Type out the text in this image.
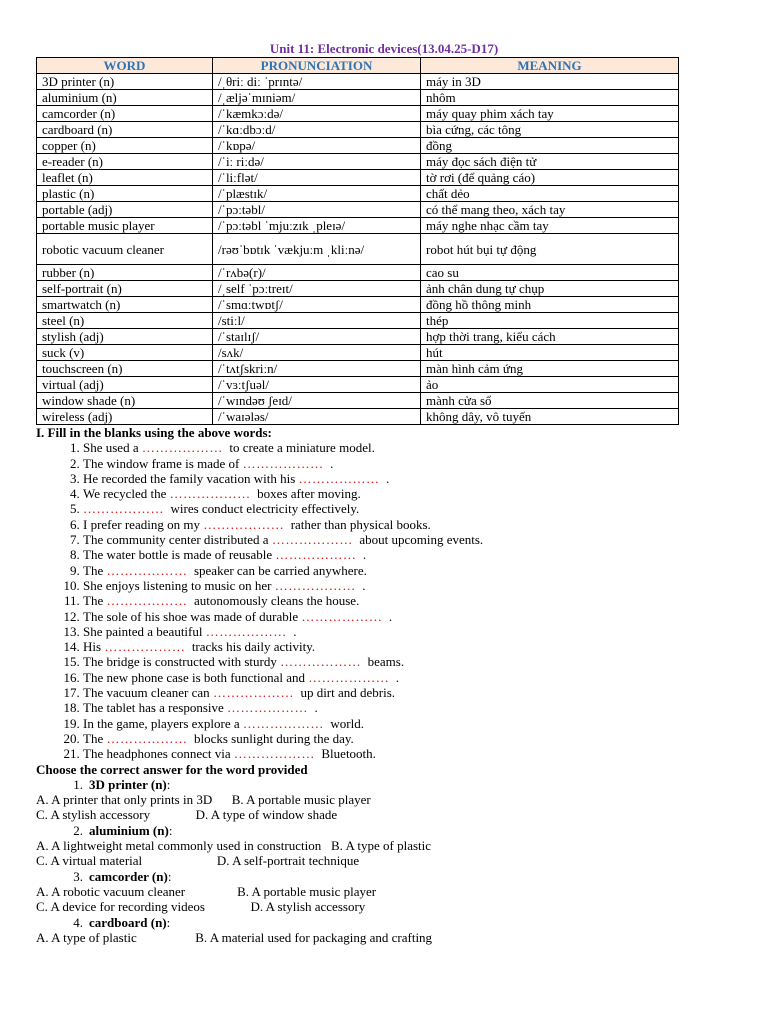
Unit 11: Electronic devices(13.04.25-D17)
WORD	PRONUNCIATION	MEANING
3D printer (n)	/ˌθriː diː ˈprɪntə/	máy in 3D
aluminium (n)	/ˌæljəˈmɪniəm/	nhôm
camcorder (n)	/ˈkæmkɔːdə/	máy quay phim xách tay
cardboard (n)	/ˈkɑːdbɔːd/	bìa cứng, các tông
copper (n)	/ˈkɒpə/	đồng
e-reader (n)	/ˈiː riːdə/	máy đọc sách điện tử
leaflet (n)	/ˈliːflət/	tờ rơi (để quảng cáo)
plastic (n)	/ˈplæstɪk/	chất dẻo
portable (adj)	/ˈpɔːtəbl/	có thể mang theo, xách tay
portable music player	/ˈpɔːtəbl ˈmjuːzɪk ˌpleɪə/	máy nghe nhạc cầm tay
robotic vacuum cleaner	/rəʊˈbɒtɪk ˈvækjuːm ˌkliːnə/	robot hút bụi tự động
rubber (n)	/ˈrʌbə(r)/	cao su
self-portrait (n)	/ˌself ˈpɔːtreɪt/	ảnh chân dung tự chụp
smartwatch (n)	/ˈsmɑːtwɒtʃ/	đồng hồ thông minh
steel (n)	/stiːl/	thép
stylish (adj)	/ˈstaɪlɪʃ/	hợp thời trang, kiểu cách
suck (v)	/sʌk/	hút
touchscreen (n)	/ˈtʌtʃskriːn/	màn hình cảm ứng
virtual (adj)	/ˈvɜːtʃuəl/	ảo
window shade (n)	/ˈwɪndəʊ ʃeɪd/	mành cửa sổ
wireless (adj)	/ˈwaɪələs/	không dây, vô tuyến
I. Fill in the blanks using the above words:
1. She used a ………………  to create a miniature model.
2. The window frame is made of ………………  .
3. He recorded the family vacation with his ………………  .
4. We recycled the ………………  boxes after moving.
5. ………………  wires conduct electricity effectively.
6. I prefer reading on my ………………  rather than physical books.
7. The community center distributed a ………………  about upcoming events.
8. The water bottle is made of reusable ………………  .
9. The ………………  speaker can be carried anywhere.
10. She enjoys listening to music on her ………………  .
11. The ………………  autonomously cleans the house.
12. The sole of his shoe was made of durable ………………  .
13. She painted a beautiful ………………  .
14. His ………………  tracks his daily activity.
15. The bridge is constructed with sturdy ………………  beams.
16. The new phone case is both functional and ………………  .
17. The vacuum cleaner can ………………  up dirt and debris.
18. The tablet has a responsive ………………  .
19. In the game, players explore a ………………  world.
20. The ………………  blocks sunlight during the day.
21. The headphones connect via ………………  Bluetooth.
Choose the correct answer for the word provided
1. 3D printer (n):
A. A printer that only prints in 3D      B. A portable music player
C. A stylish accessory              D. A type of window shade
2. aluminium (n):
A. A lightweight metal commonly used in construction   B. A type of plastic
C. A virtual material                       D. A self-portrait technique
3. camcorder (n):
A. A robotic vacuum cleaner                B. A portable music player
C. A device for recording videos              D. A stylish accessory
4. cardboard (n):
A. A type of plastic                  B. A material used for packaging and crafting
